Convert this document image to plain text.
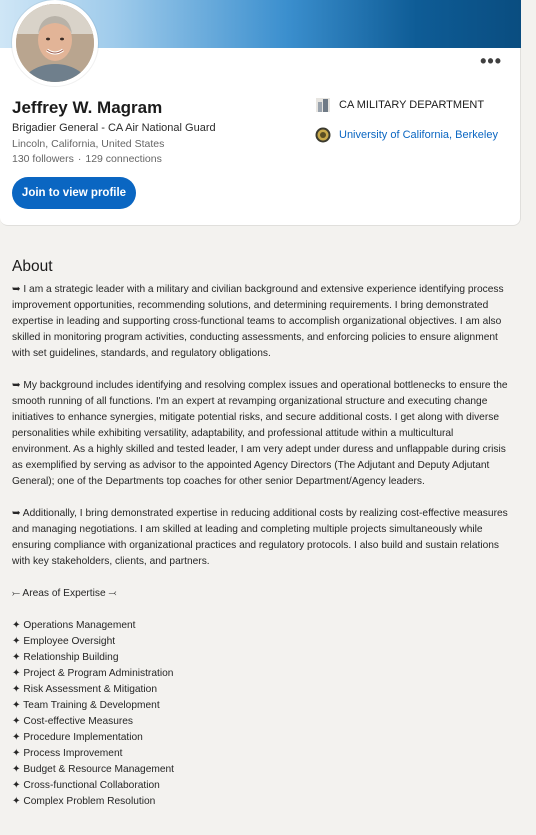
•••
Jeffrey W. Magram
Brigadier General - CA Air National Guard
Lincoln, California, United States
130 followers · 129 connections
Join to view profile
CA MILITARY DEPARTMENT
University of California, Berkeley
About

➥ I am a strategic leader with a military and civilian background and extensive experience identifying process improvement opportunities, recommending solutions, and determining requirements. I bring demonstrated expertise in leading and supporting cross-functional teams to accomplish organizational objectives. I am also skilled in monitoring program activities, conducting assessments, and enforcing policies to ensure alignment with set guidelines, standards, and regulatory obligations.

➥ My background includes identifying and resolving complex issues and operational bottlenecks to ensure the smooth running of all functions. I'm an expert at revamping organizational structure and executing change initiatives to enhance synergies, mitigate potential risks, and secure additional costs. I get along with diverse personalities while exhibiting versatility, adaptability, and professional attitude within a multicultural environment. As a highly skilled and tested leader, I am very adept under duress and unflappable during crisis as exemplified by serving as advisor to the appointed Agency Directors (The Adjutant and Deputy Adjutant General); one of the Departments top coaches for other senior Department/Agency leaders.

➥ Additionally, I bring demonstrated expertise in reducing additional costs by realizing cost-effective measures and managing negotiations. I am skilled at leading and completing multiple projects simultaneously while ensuring compliance with organizational practices and regulatory protocols. I also build and sustain relations with key stakeholders, clients, and partners.

⤚ Areas of Expertise ⤙
✦ Operations Management
✦ Employee Oversight
✦ Relationship Building
✦ Project & Program Administration
✦ Risk Assessment & Mitigation
✦ Team Training & Development
✦ Cost-effective Measures
✦ Procedure Implementation
✦ Process Improvement
✦ Budget & Resource Management
✦ Cross-functional Collaboration
✦ Complex Problem Resolution
